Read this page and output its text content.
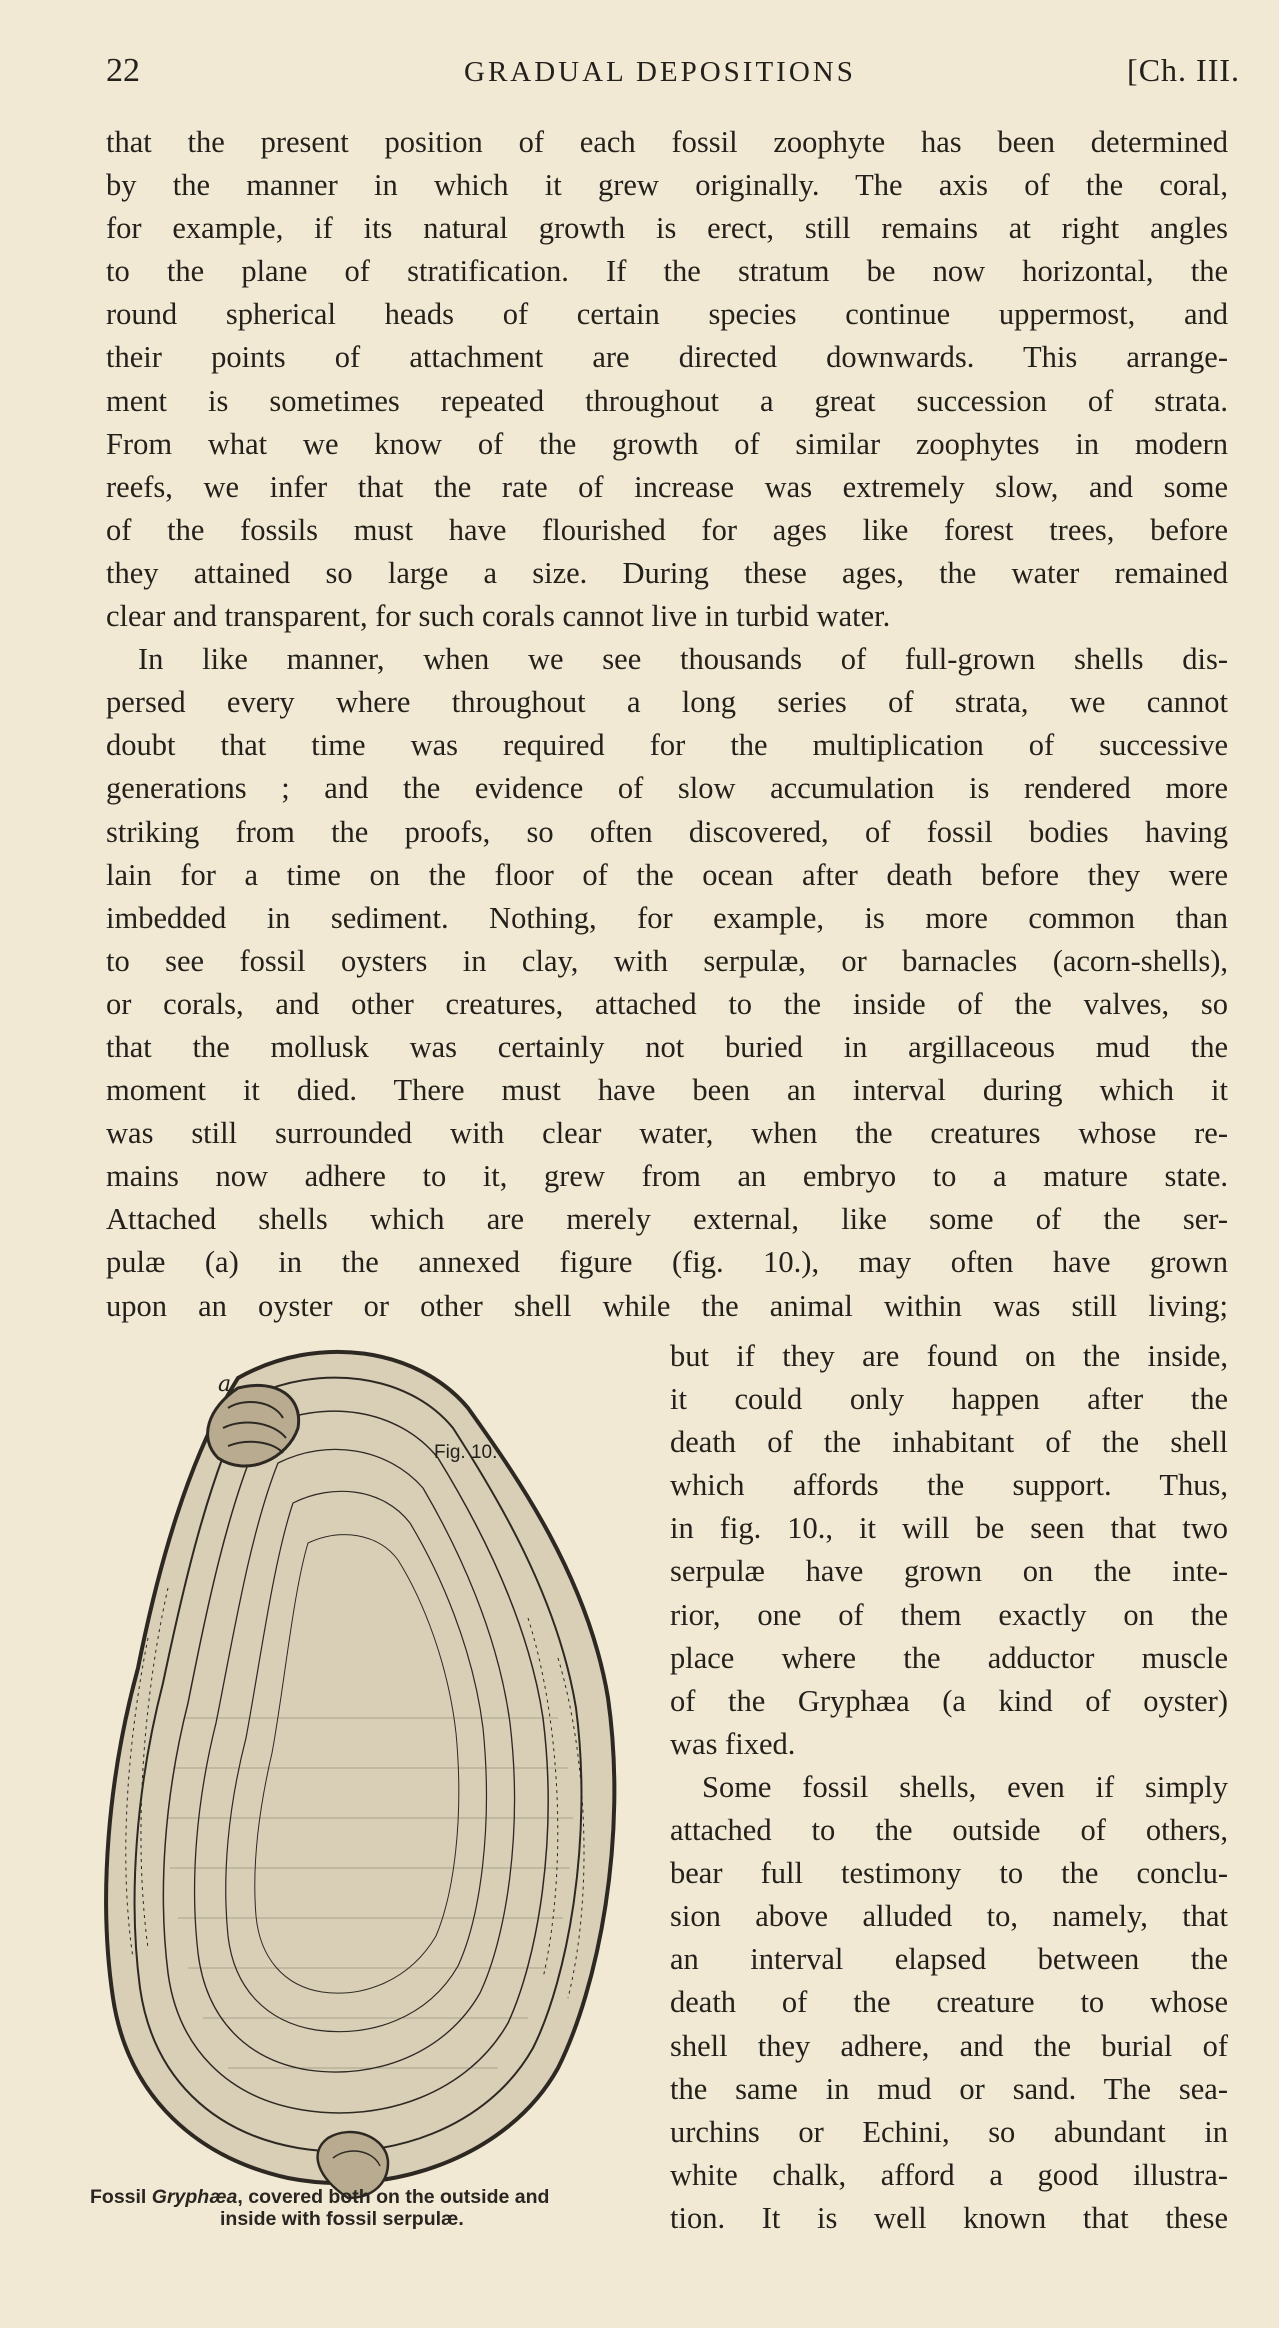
22	GRADUAL DEPOSITIONS	[Ch. III.
that the present position of each fossil zoophyte has been determined
by the manner in which it grew originally. The axis of the coral,
for example, if its natural growth is erect, still remains at right angles
to the plane of stratification. If the stratum be now horizontal, the
round spherical heads of certain species continue uppermost, and
their points of attachment are directed downwards. This arrange-
ment is sometimes repeated throughout a great succession of strata.
From what we know of the growth of similar zoophytes in modern
reefs, we infer that the rate of increase was extremely slow, and some
of the fossils must have flourished for ages like forest trees, before
they attained so large a size. During these ages, the water remained
clear and transparent, for such corals cannot live in turbid water.
In like manner, when we see thousands of full-grown shells dis-
persed every where throughout a long series of strata, we cannot
doubt that time was required for the multiplication of successive
generations ; and the evidence of slow accumulation is rendered more
striking from the proofs, so often discovered, of fossil bodies having
lain for a time on the floor of the ocean after death before they were
imbedded in sediment. Nothing, for example, is more common than
to see fossil oysters in clay, with serpulæ, or barnacles (acorn-shells),
or corals, and other creatures, attached to the inside of the valves, so
that the mollusk was certainly not buried in argillaceous mud the
moment it died. There must have been an interval during which it
was still surrounded with clear water, when the creatures whose re-
mains now adhere to it, grew from an embryo to a mature state.
Attached shells which are merely external, like some of the ser-
pulæ (a) in the annexed figure (fig. 10.), may often have grown
upon an oyster or other shell while the animal within was still living;
but if they are found on the inside,
it could only happen after the
death of the inhabitant of the shell
which affords the support. Thus,
in fig. 10., it will be seen that two
serpulæ have grown on the inte-
rior, one of them exactly on the
place where the adductor muscle
of the Gryphæa (a kind of oyster)
was fixed.
Some fossil shells, even if simply
attached to the outside of others,
bear full testimony to the conclu-
sion above alluded to, namely, that
an interval elapsed between the
death of the creature to whose
shell they adhere, and the burial of
the same in mud or sand. The sea-
urchins or Echini, so abundant in
white chalk, afford a good illustra-
tion. It is well known that these
a
Fig. 10.
Fossil Gryphæa, covered both on the outside and
inside with fossil serpulæ.
